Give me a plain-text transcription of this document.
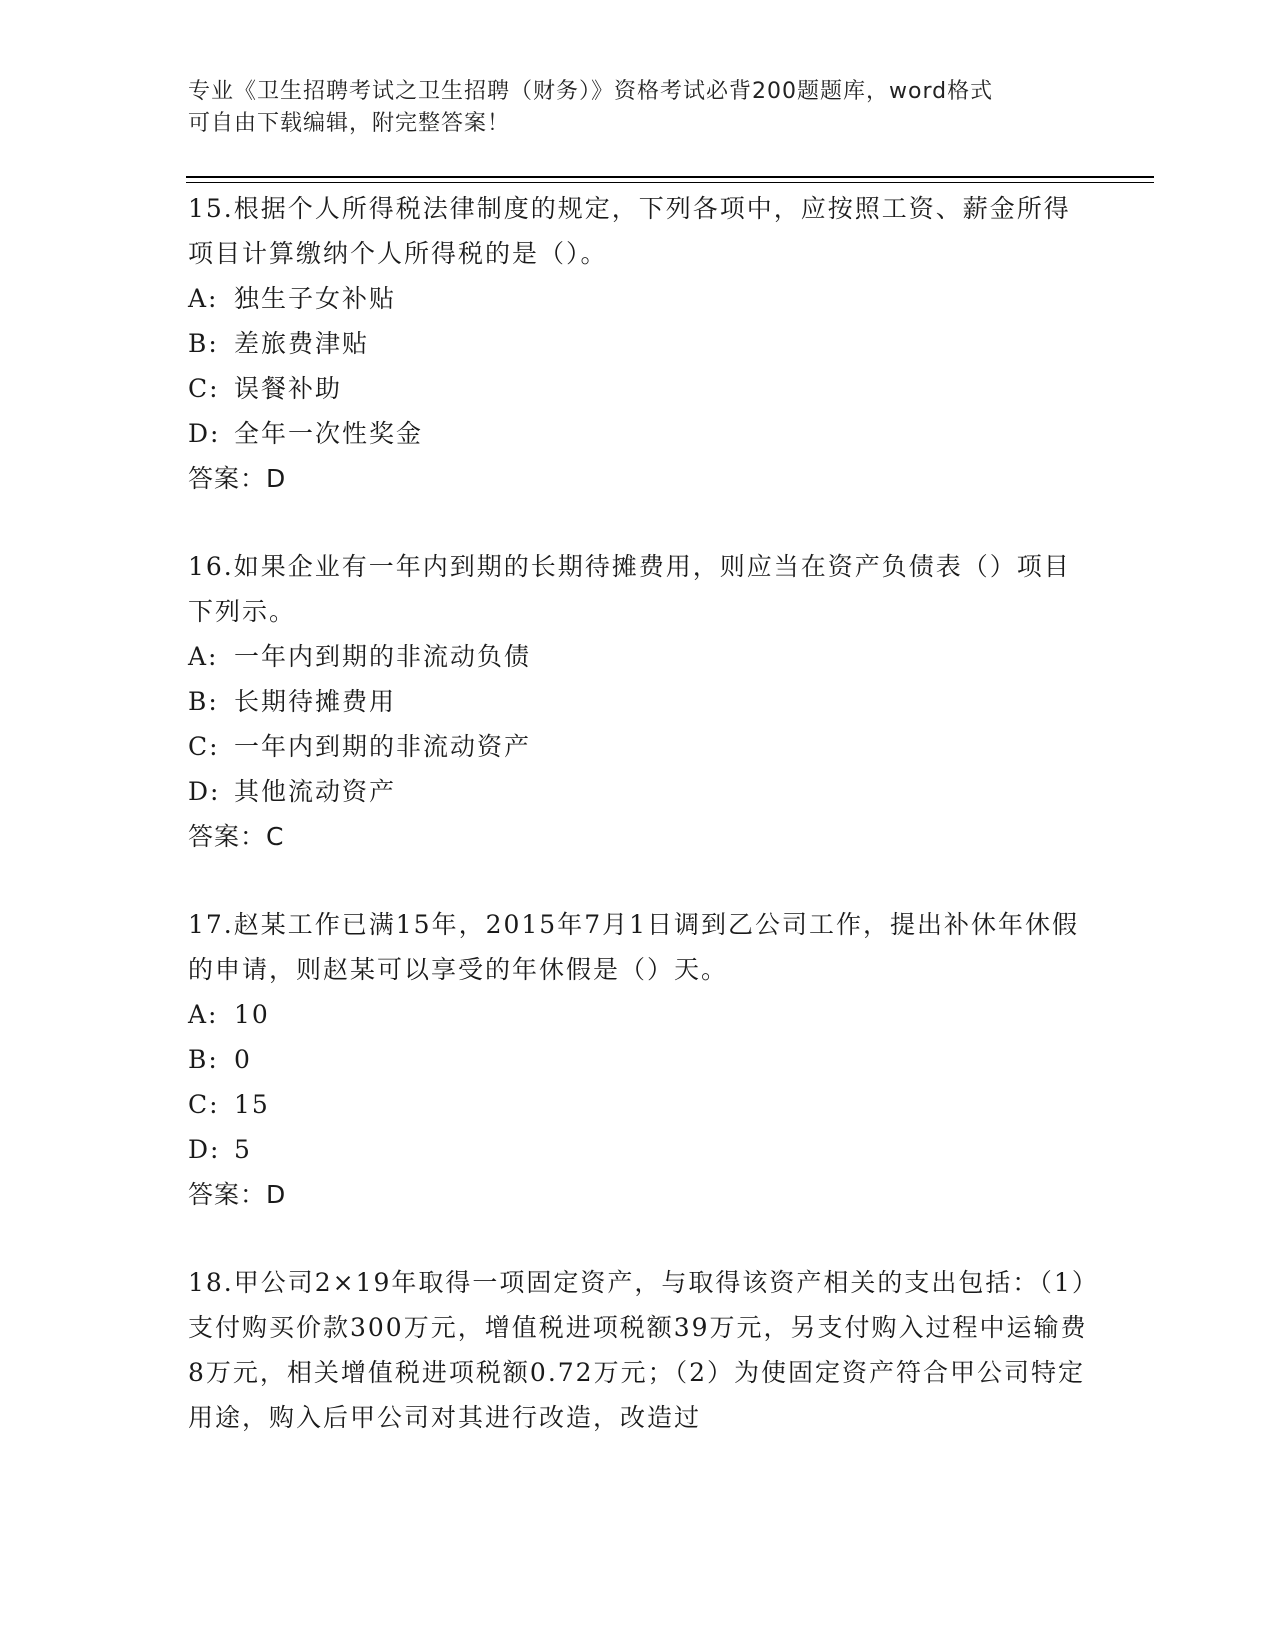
专业《卫生招聘考试之卫生招聘（财务）》资格考试必背200题题库，word格式
可自由下载编辑，附完整答案！
15.根据个人所得税法律制度的规定，下列各项中，应按照工资、薪金所得项目计算缴纳个人所得税的是（）。
A: 独生子女补贴
B: 差旅费津贴
C: 误餐补助
D: 全年一次性奖金
答案：D
16.如果企业有一年内到期的长期待摊费用，则应当在资产负债表（）项目下列示。
A: 一年内到期的非流动负债
B: 长期待摊费用
C: 一年内到期的非流动资产
D: 其他流动资产
答案：C
17.赵某工作已满15年，2015年7月1日调到乙公司工作，提出补休年休假的申请，则赵某可以享受的年休假是（）天。
A: 10
B: 0
C: 15
D: 5
答案：D
18.甲公司2×19年取得一项固定资产，与取得该资产相关的支出包括：（1）支付购买价款300万元，增值税进项税额39万元，另支付购入过程中运输费8万元，相关增值税进项税额0.72万元；（2）为使固定资产符合甲公司特定用途，购入后甲公司对其进行改造，改造过
